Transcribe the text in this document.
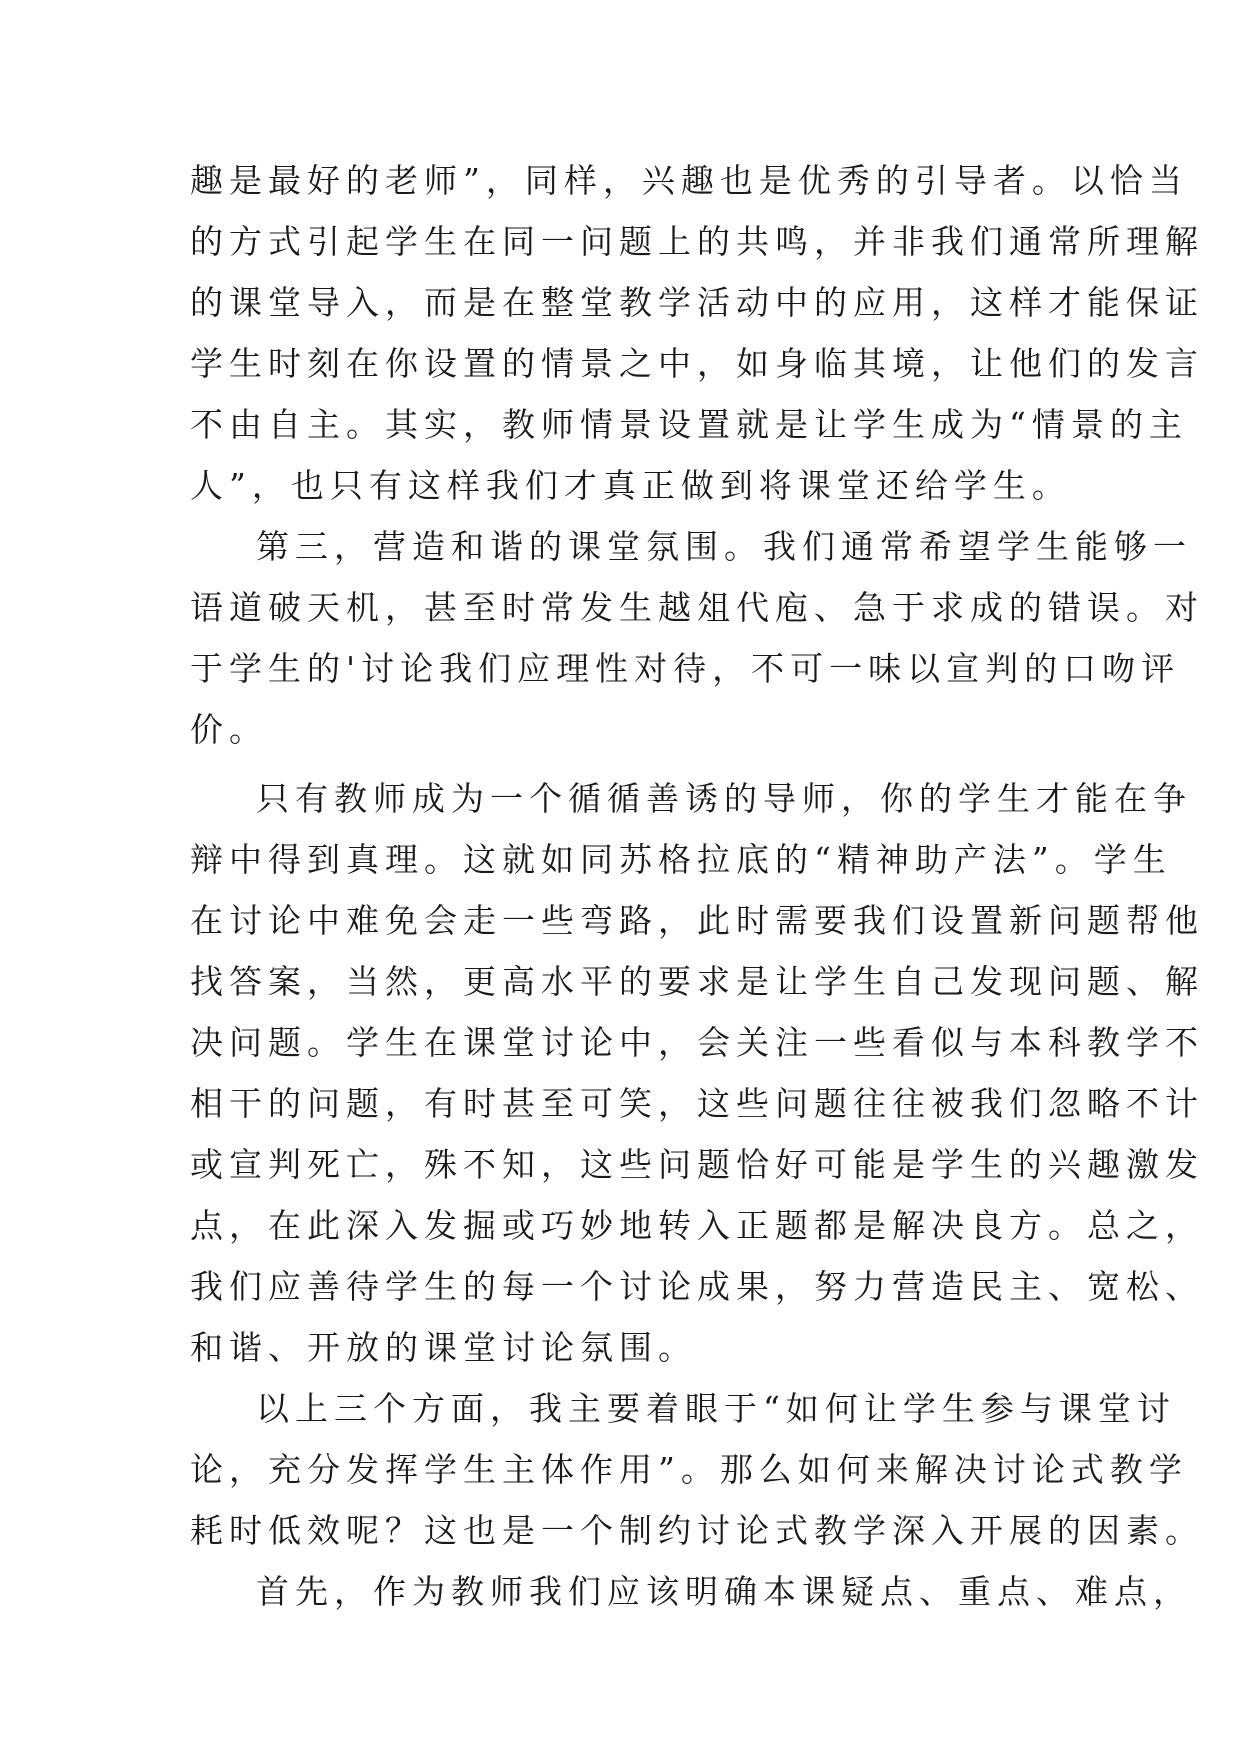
趣是最好的老师”，同样，兴趣也是优秀的引导者。以恰当
的方式引起学生在同一问题上的共鸣，并非我们通常所理解
的课堂导入，而是在整堂教学活动中的应用，这样才能保证
学生时刻在你设置的情景之中，如身临其境，让他们的发言
不由自主。其实，教师情景设置就是让学生成为“情景的主
人”，也只有这样我们才真正做到将课堂还给学生。
第三，营造和谐的课堂氛围。我们通常希望学生能够一
语道破天机，甚至时常发生越俎代庖、急于求成的错误。对
于学生的'讨论我们应理性对待，不可一味以宣判的口吻评
价。
只有教师成为一个循循善诱的导师，你的学生才能在争
辩中得到真理。这就如同苏格拉底的“精神助产法”。学生
在讨论中难免会走一些弯路，此时需要我们设置新问题帮他
找答案，当然，更高水平的要求是让学生自己发现问题、解
决问题。学生在课堂讨论中，会关注一些看似与本科教学不
相干的问题，有时甚至可笑，这些问题往往被我们忽略不计
或宣判死亡，殊不知，这些问题恰好可能是学生的兴趣激发
点，在此深入发掘或巧妙地转入正题都是解决良方。总之，
我们应善待学生的每一个讨论成果，努力营造民主、宽松、
和谐、开放的课堂讨论氛围。
以上三个方面，我主要着眼于“如何让学生参与课堂讨
论，充分发挥学生主体作用”。那么如何来解决讨论式教学
耗时低效呢？这也是一个制约讨论式教学深入开展的因素。
首先，作为教师我们应该明确本课疑点、重点、难点，
